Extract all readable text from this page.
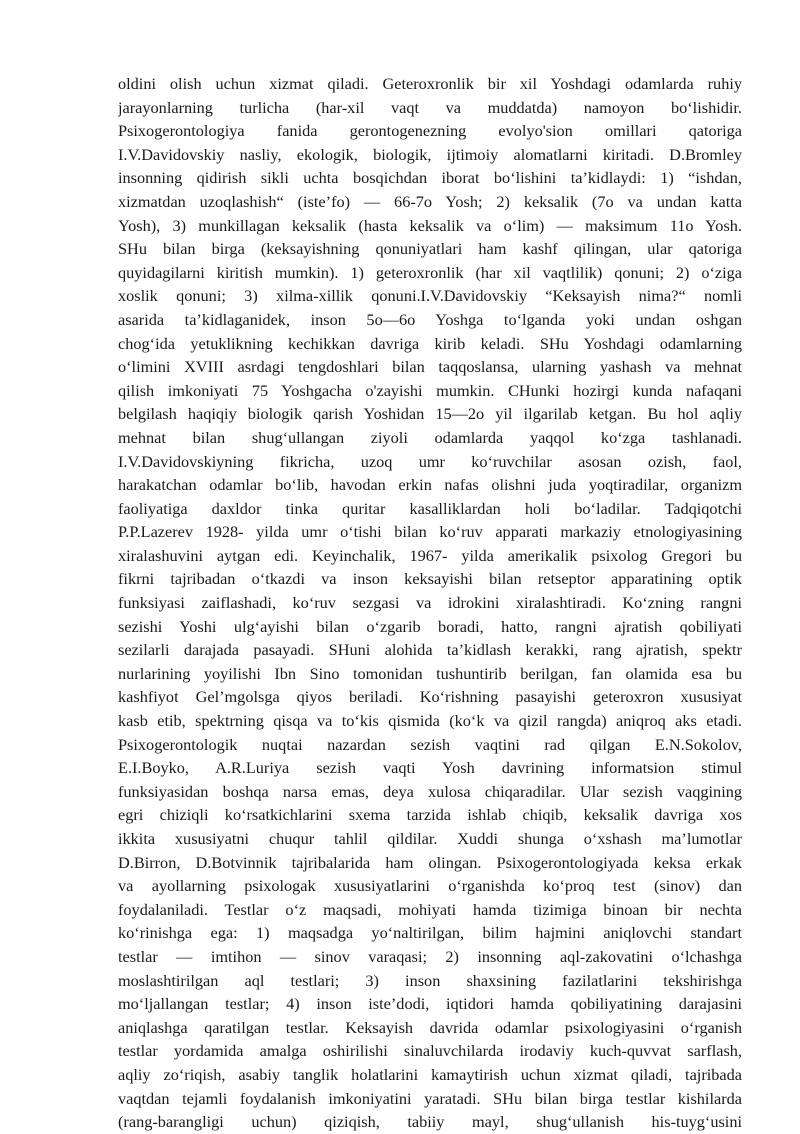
oldini olish uchun xizmat qiladi. Geteroxronlik bir xil Yoshdagi odamlarda ruhiy
jarayonlarning turlicha (har-xil vaqt va muddatda) namoyon bo‘lishidir.
Psixogerontologiya fanida gerontogenezning evolyo'sion omillari qatoriga
I.V.Davidovskiy nasliy, ekologik, biologik, ijtimoiy alomatlarni kiritadi. D.Bromley
insonning qidirish sikli uchta bosqichdan iborat bo‘lishini ta’kidlaydi: 1) “ishdan,
xizmatdan uzoqlashish“ (iste’fo) — 66-7o Yosh; 2) keksalik (7o va undan katta
Yosh), 3) munkillagan keksalik (hasta keksalik va o‘lim) — maksimum 11o Yosh.
SHu bilan birga (keksayishning qonuniyatlari ham kashf qilingan, ular qatoriga
quyidagilarni kiritish mumkin). 1) geteroxronlik (har xil vaqtlilik) qonuni; 2) o‘ziga
xoslik qonuni; 3) xilma-xillik qonuni.I.V.Davidovskiy “Keksayish nima?“ nomli
asarida ta’kidlaganidek, inson 5o—6o Yoshga to‘lganda yoki undan oshgan
chog‘ida yetuklikning kechikkan davriga kirib keladi. SHu Yoshdagi odamlarning
o‘limini XVIII asrdagi tengdoshlari bilan taqqoslansa, ularning yashash va mehnat
qilish imkoniyati 75 Yoshgacha o'zayishi mumkin. CHunki hozirgi kunda nafaqani
belgilash haqiqiy biologik qarish Yoshidan 15—2o yil ilgarilab ketgan. Bu hol aqliy
mehnat bilan shug‘ullangan ziyoli odamlarda yaqqol ko‘zga tashlanadi.
I.V.Davidovskiyning fikricha, uzoq umr ko‘ruvchilar asosan ozish, faol,
harakatchan odamlar bo‘lib, havodan erkin nafas olishni juda yoqtiradilar, organizm
faoliyatiga daxldor tinka quritar kasalliklardan holi bo‘ladilar. Tadqiqotchi
P.P.Lazerev 1928- yilda umr o‘tishi bilan ko‘ruv apparati markaziy etnologiyasining
xiralashuvini aytgan edi. Keyinchalik, 1967- yilda amerikalik psixolog Gregori bu
fikrni tajribadan o‘tkazdi va inson keksayishi bilan retseptor apparatining optik
funksiyasi zaiflashadi, ko‘ruv sezgasi va idrokini xiralashtiradi. Ko‘zning rangni
sezishi Yoshi ulg‘ayishi bilan o‘zgarib boradi, hatto, rangni ajratish qobiliyati
sezilarli darajada pasayadi. SHuni alohida ta’kidlash kerakki, rang ajratish, spektr
nurlarining yoyilishi Ibn Sino tomonidan tushuntirib berilgan, fan olamida esa bu
kashfiyot Gel’mgolsga qiyos beriladi. Ko‘rishning pasayishi geteroxron xususiyat
kasb etib, spektrning qisqa va to‘kis qismida (ko‘k va qizil rangda) aniqroq aks etadi.
Psixogerontologik nuqtai nazardan sezish vaqtini rad qilgan E.N.Sokolov,
E.I.Boyko, A.R.Luriya sezish vaqti Yosh davrining informatsion stimul
funksiyasidan boshqa narsa emas, deya xulosa chiqaradilar. Ular sezish vaqgining
egri chiziqli ko‘rsatkichlarini sxema tarzida ishlab chiqib, keksalik davriga xos
ikkita xususiyatni chuqur tahlil qildilar. Xuddi shunga o‘xshash ma’lumotlar
D.Birron, D.Botvinnik tajribalarida ham olingan. Psixogerontologiyada keksa erkak
va ayollarning psixologak xususiyatlarini o‘rganishda ko‘proq test (sinov) dan
foydalaniladi. Testlar o‘z maqsadi, mohiyati hamda tizimiga binoan bir nechta
ko‘rinishga ega: 1) maqsadga yo‘naltirilgan, bilim hajmini aniqlovchi standart
testlar — imtihon — sinov varaqasi; 2) insonning aql-zakovatini o‘lchashga
moslashtirilgan aql testlari; 3) inson shaxsining fazilatlarini tekshirishga
mo‘ljallangan testlar; 4) inson iste’dodi, iqtidori hamda qobiliyatining darajasini
aniqlashga qaratilgan testlar. Keksayish davrida odamlar psixologiyasini o‘rganish
testlar yordamida amalga oshirilishi sinaluvchilarda irodaviy kuch-quvvat sarflash,
aqliy zo‘riqish, asabiy tanglik holatlarini kamaytirish uchun xizmat qiladi, tajribada
vaqtdan tejamli foydalanish imkoniyatini yaratadi. SHu bilan birga testlar kishilarda
(rang-barangligi uchun) qiziqish, tabiiy mayl, shug‘ullanish his-tuyg‘usini
